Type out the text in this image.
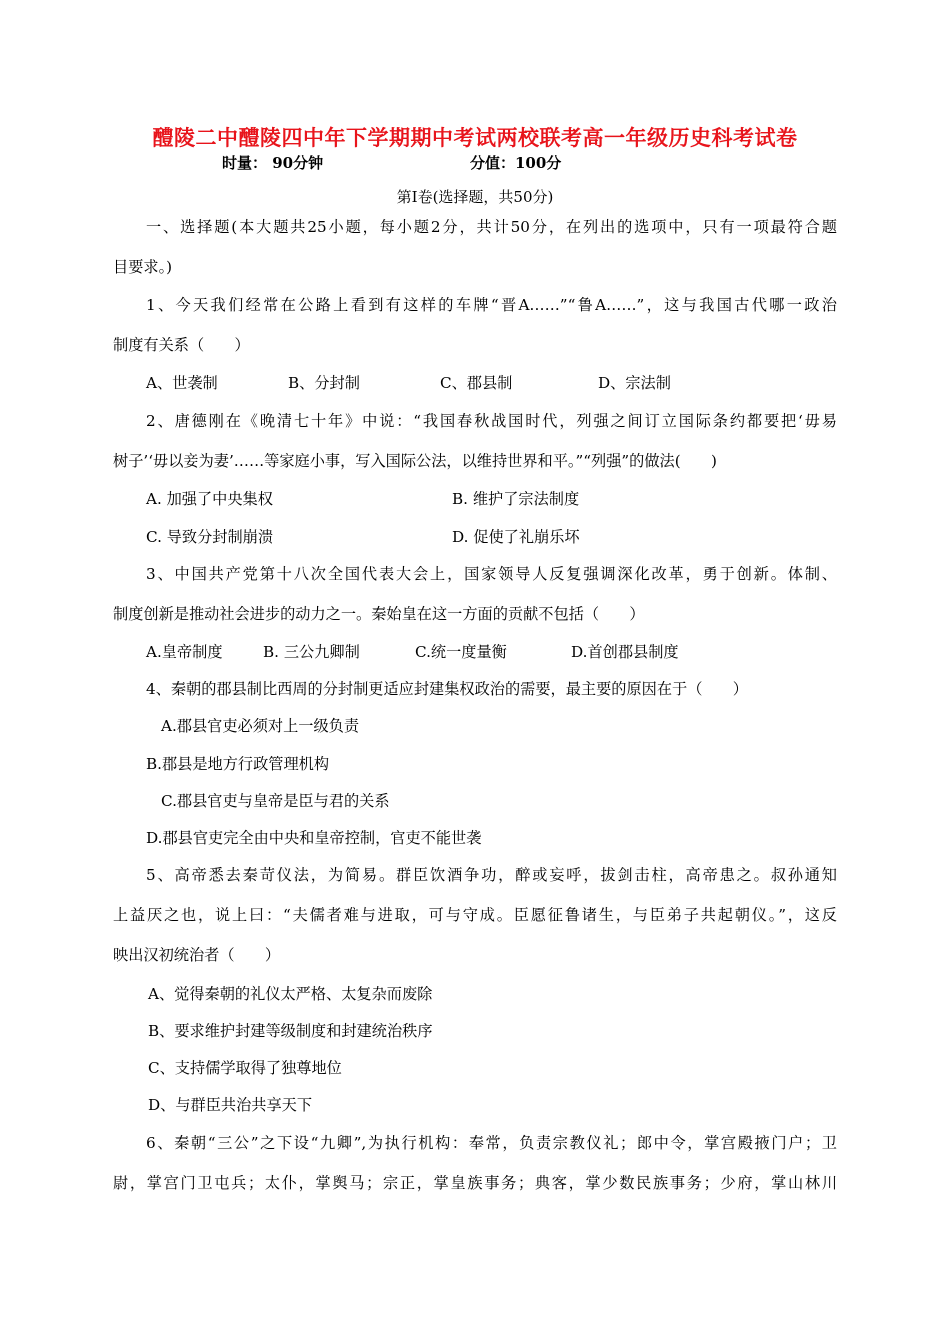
醴陵二中醴陵四中年下学期期中考试两校联考高一年级历史科考试卷
时量： 90分钟	分值：100分
第Ⅰ卷(选择题，共50分)
一、选择题(本大题共25小题，每小题2分，共计50分，在列出的选项中，只有一项最符合题
目要求。)
1、今天我们经常在公路上看到有这样的车牌“晋A……”“鲁A……”，这与我国古代哪一政治
制度有关系（　　）
A、世袭制	B、分封制	C、郡县制	D、宗法制
2、唐德刚在《晚清七十年》中说：“我国春秋战国时代，列强之间订立国际条约都要把‘毋易
树子’‘毋以妾为妻’……等家庭小事，写入国际公法，以维持世界和平。”“列强”的做法(　　)
A. 加强了中央集权	B. 维护了宗法制度
C. 导致分封制崩溃	D. 促使了礼崩乐坏
3、中国共产党第十八次全国代表大会上，国家领导人反复强调深化改革，勇于创新。体制、
制度创新是推动社会进步的动力之一。秦始皇在这一方面的贡献不包括（　　）
A.皇帝制度	B. 三公九卿制	C.统一度量衡	D.首创郡县制度
4、秦朝的郡县制比西周的分封制更适应封建集权政治的需要，最主要的原因在于（　　）
A.郡县官吏必须对上一级负责
B.郡县是地方行政管理机构
C.郡县官吏与皇帝是臣与君的关系
D.郡县官吏完全由中央和皇帝控制，官吏不能世袭
5、高帝悉去秦苛仪法，为简易。群臣饮酒争功，醉或妄呼，拔剑击柱，高帝患之。叔孙通知
上益厌之也，说上曰：“夫儒者难与进取，可与守成。臣愿征鲁诸生，与臣弟子共起朝仪。”，这反
映出汉初统治者（　　）
A、觉得秦朝的礼仪太严格、太复杂而废除
B、要求维护封建等级制度和封建统治秩序
C、支持儒学取得了独尊地位
D、与群臣共治共享天下
6、秦朝“三公”之下设“九卿”,为执行机构：奉常，负责宗教仪礼；郎中令，掌宫殿掖门户；卫
尉，掌宫门卫屯兵；太仆，掌舆马；宗正，掌皇族事务；典客，掌少数民族事务；少府，掌山林川
